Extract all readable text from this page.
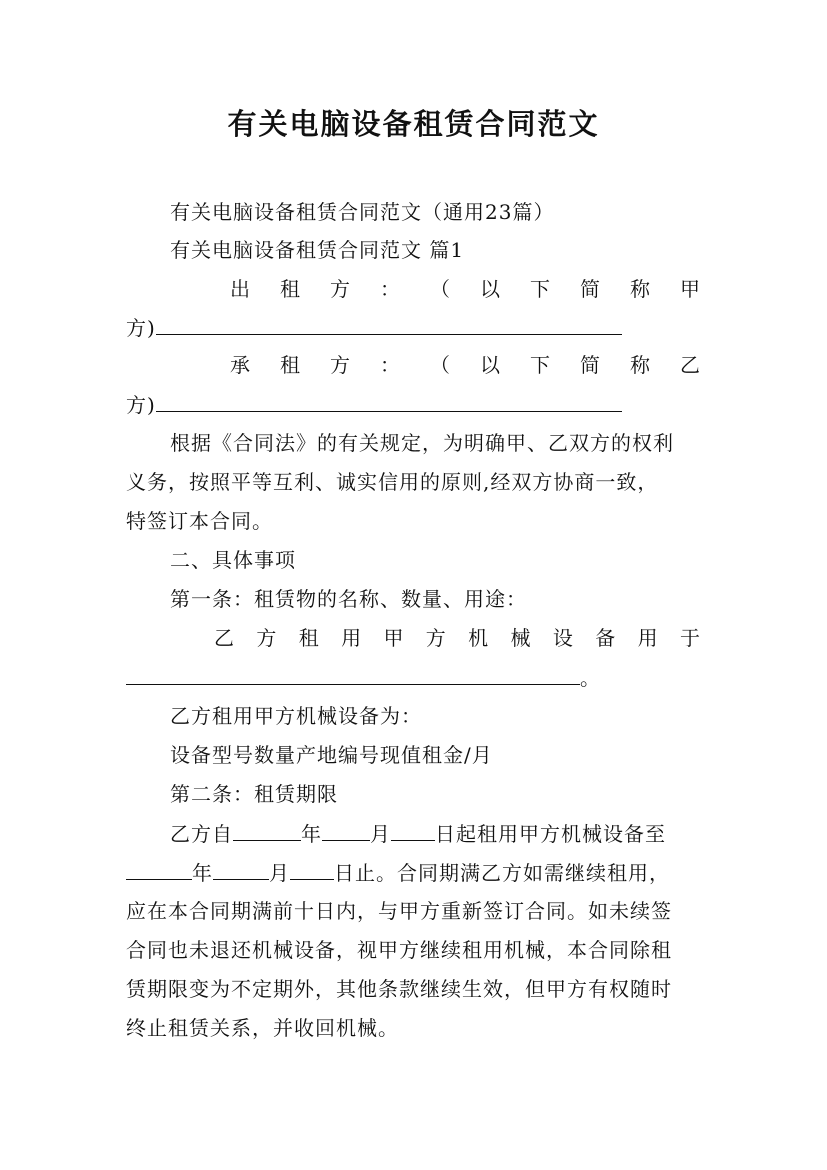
有关电脑设备租赁合同范文
有关电脑设备租赁合同范文（通用23篇）
有关电脑设备租赁合同范文 篇1
出 租 方 ： （ 以 下 简 称 甲
方)
承 租 方 ： （ 以 下 简 称 乙
方)
根据《合同法》的有关规定，为明确甲、乙双方的权利
义务，按照平等互利、诚实信用的原则,经双方协商一致，
特签订本合同。
二、具体事项
第一条：租赁物的名称、数量、用途：
乙 方 租 用 甲 方 机 械 设 备 用 于
。
乙方租用甲方机械设备为：
设备型号数量产地编号现值租金/月
第二条：租赁期限
乙方自	年 月 日起租用甲方机械设备至
年	月 日止。合同期满乙方如需继续租用，
应在本合同期满前十日内，与甲方重新签订合同。如未续签
合同也未退还机械设备，视甲方继续租用机械，本合同除租
赁期限变为不定期外，其他条款继续生效，但甲方有权随时
终止租赁关系，并收回机械。
